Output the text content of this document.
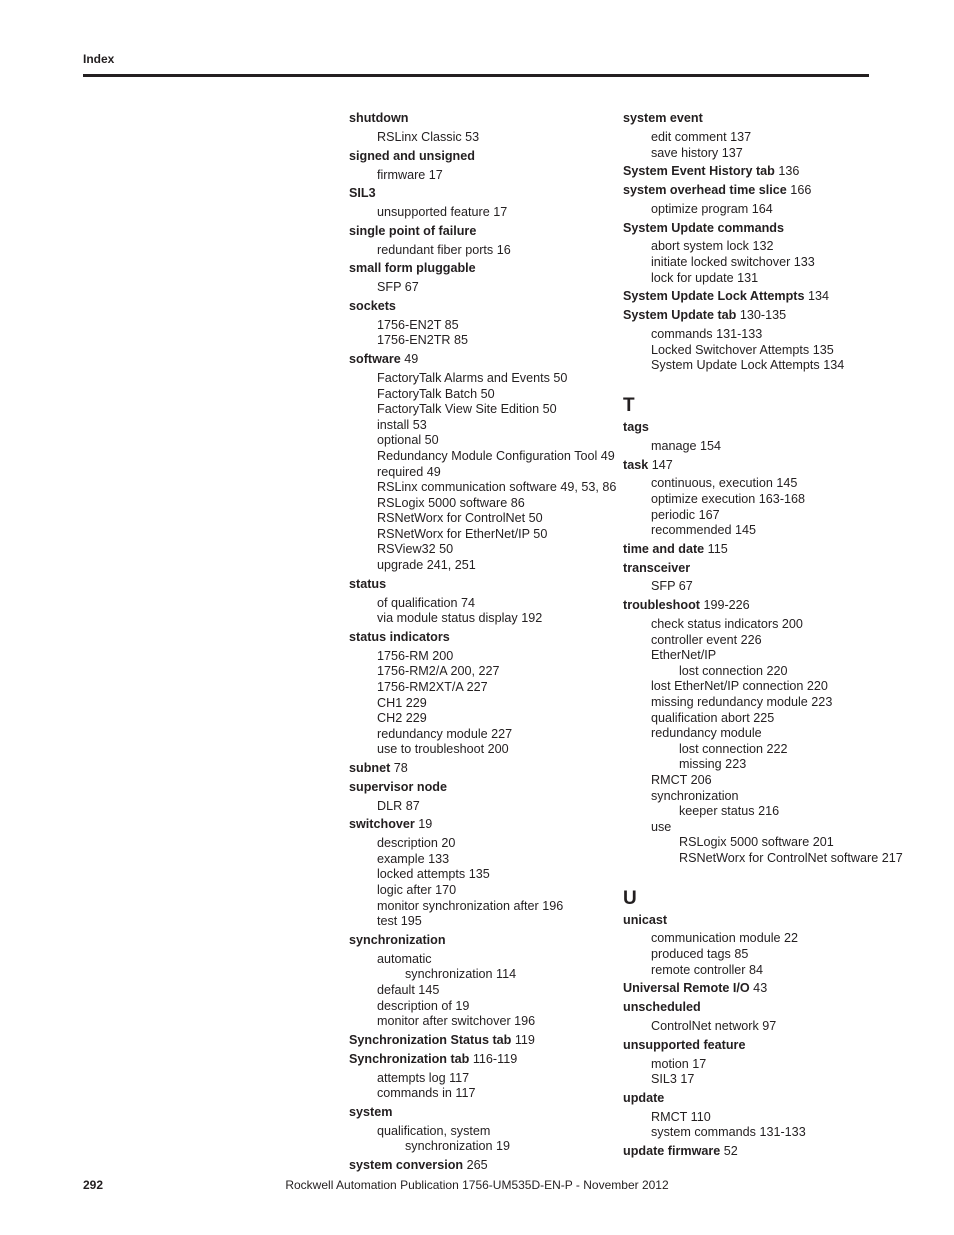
Index
shutdown
RSLinx Classic 53
signed and unsigned
firmware 17
SIL3
unsupported feature 17
single point of failure
redundant fiber ports 16
small form pluggable
SFP 67
sockets
1756-EN2T 85
1756-EN2TR 85
software 49
FactoryTalk Alarms and Events 50
FactoryTalk Batch 50
FactoryTalk View Site Edition 50
install 53
optional 50
Redundancy Module Configuration Tool 49
required 49
RSLinx communication software 49, 53, 86
RSLogix 5000 software 86
RSNetWorx for ControlNet 50
RSNetWorx for EtherNet/IP 50
RSView32 50
upgrade 241, 251
status
of qualification 74
via module status display 192
status indicators
1756-RM 200
1756-RM2/A 200, 227
1756-RM2XT/A 227
CH1 229
CH2 229
redundancy module 227
use to troubleshoot 200
subnet 78
supervisor node
DLR 87
switchover 19
description 20
example 133
locked attempts 135
logic after 170
monitor synchronization after 196
test 195
synchronization
automatic
synchronization 114
default 145
description of 19
monitor after switchover 196
Synchronization Status tab 119
Synchronization tab 116-119
attempts log 117
commands in 117
system
qualification, system
synchronization 19
system conversion 265
system event
edit comment 137
save history 137
System Event History tab 136
system overhead time slice 166
optimize program 164
System Update commands
abort system lock 132
initiate locked switchover 133
lock for update 131
System Update Lock Attempts 134
System Update tab 130-135
commands 131-133
Locked Switchover Attempts 135
System Update Lock Attempts 134
T
tags
manage 154
task 147
continuous, execution 145
optimize execution 163-168
periodic 167
recommended 145
time and date 115
transceiver
SFP 67
troubleshoot 199-226
check status indicators 200
controller event 226
EtherNet/IP
lost connection 220
lost EtherNet/IP connection 220
missing redundancy module 223
qualification abort 225
redundancy module
lost connection 222
missing 223
RMCT 206
synchronization
keeper status 216
use
RSLogix 5000 software 201
RSNetWorx for ControlNet software 217
U
unicast
communication module 22
produced tags 85
remote controller 84
Universal Remote I/O 43
unscheduled
ControlNet network 97
unsupported feature
motion 17
SIL3 17
update
RMCT 110
system commands 131-133
update firmware 52
292	Rockwell Automation Publication 1756-UM535D-EN-P - November 2012
